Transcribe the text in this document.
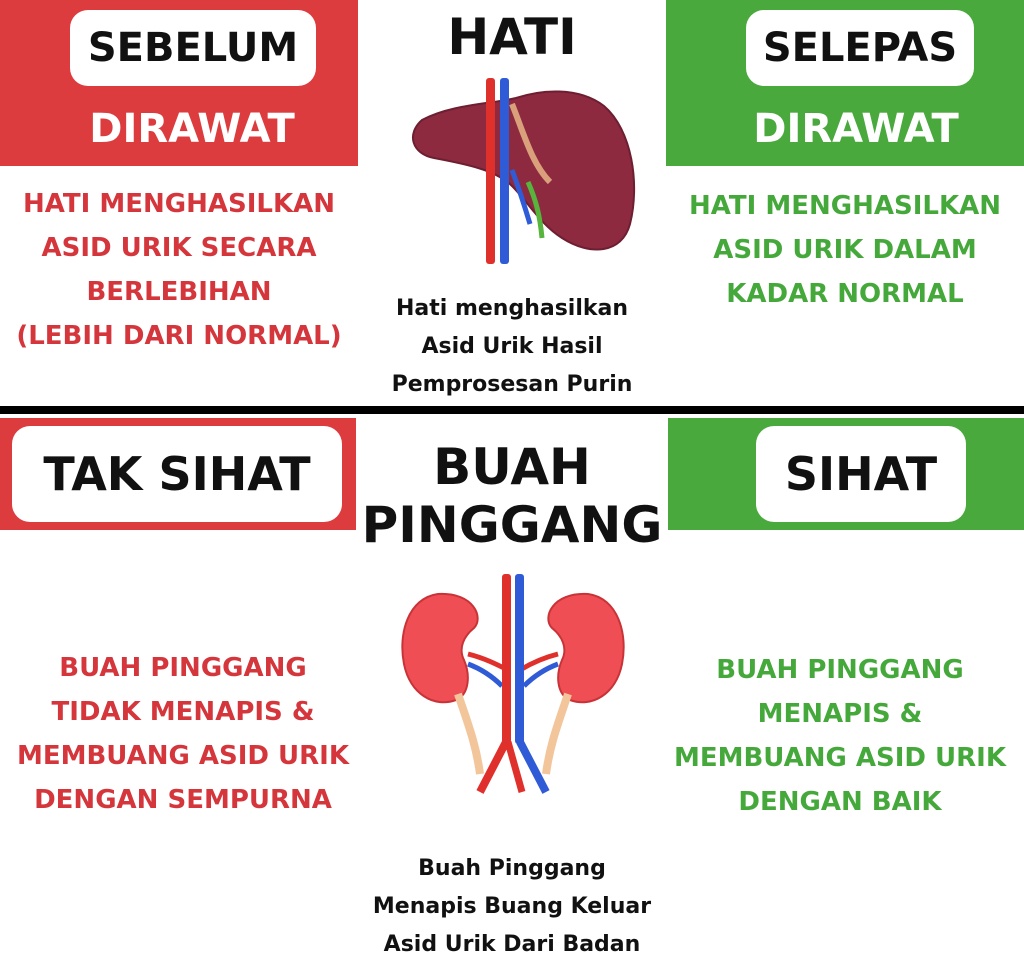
SEBELUM
DIRAWAT
SELEPAS
DIRAWAT
HATI
Hati menghasilkan
Asid Urik Hasil
Pemprosesan Purin
HATI MENGHASILKAN
ASID URIK SECARA
BERLEBIHAN
(LEBIH DARI NORMAL)
HATI MENGHASILKAN
ASID URIK DALAM
KADAR NORMAL
TAK SIHAT	SIHAT
BUAH
PINGGANG
BUAH PINGGANG
TIDAK MENAPIS &
MEMBUANG ASID URIK
DENGAN SEMPURNA
BUAH PINGGANG
MENAPIS &
MEMBUANG ASID URIK
DENGAN BAIK
Buah Pinggang
Menapis Buang Keluar
Asid Urik Dari Badan
